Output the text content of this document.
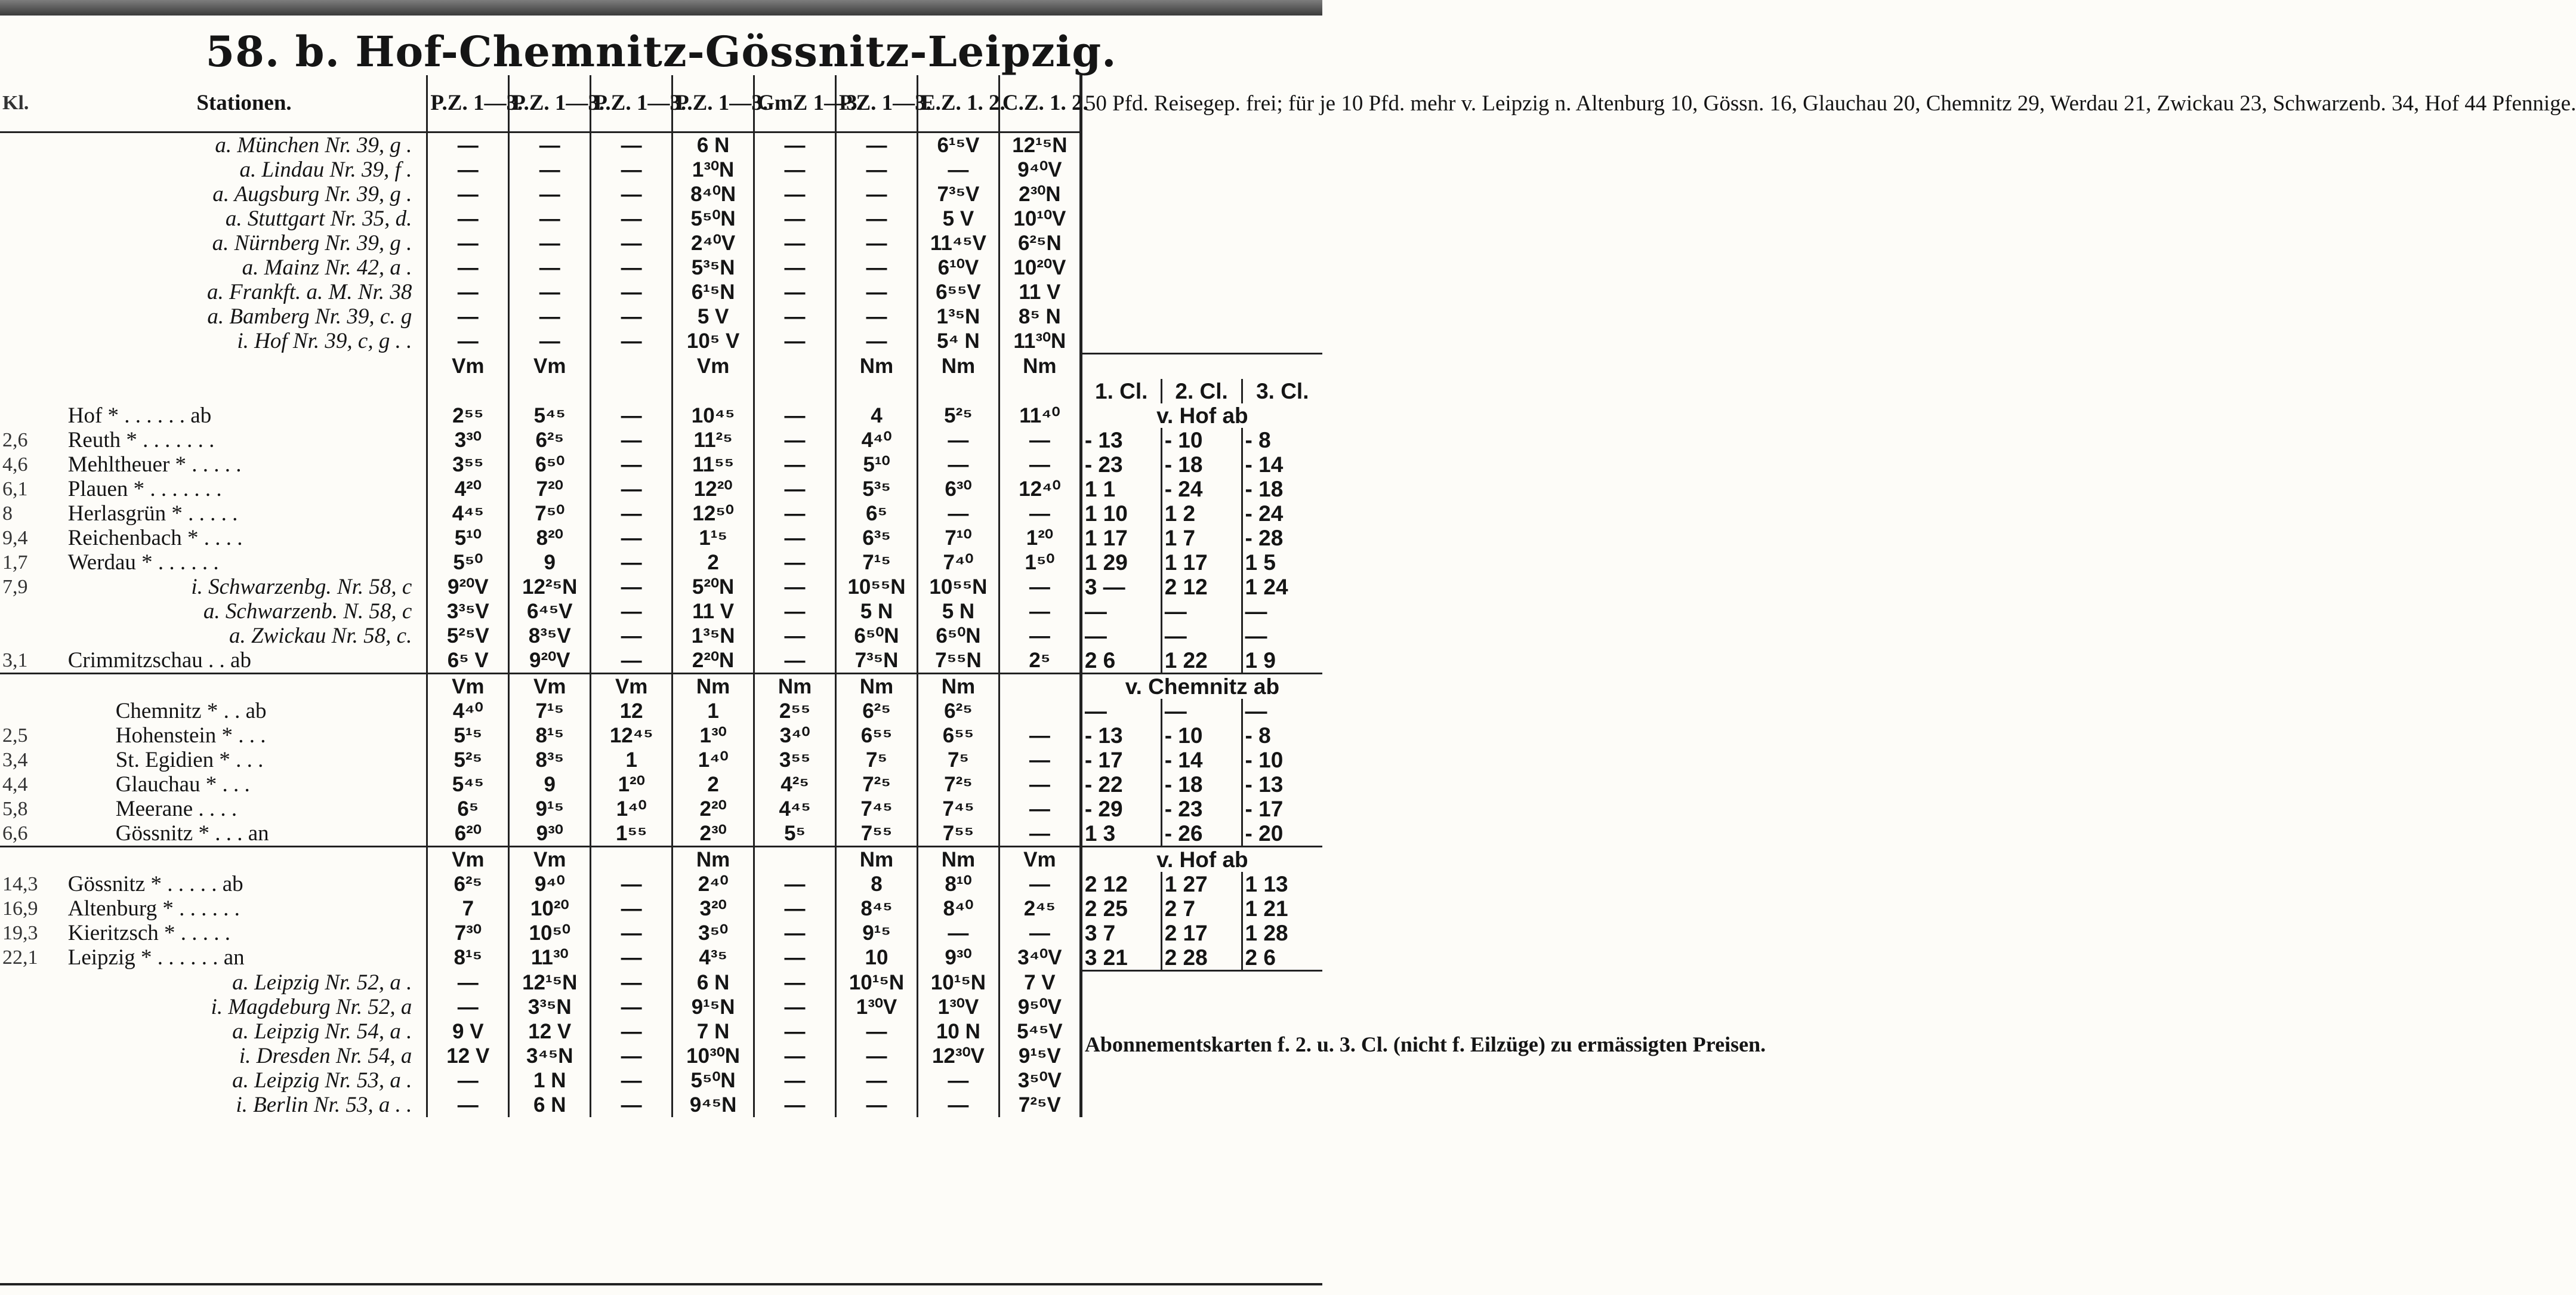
58. b. Hof-Chemnitz-Gössnitz-Leipzig.
Kl.	Stationen.	P.Z. 1—3.	P.Z. 1—3.	P.Z. 1—3.	P.Z. 1—3.	GmZ 1—3.	P.Z. 1—3.	E.Z. 1. 2.	C.Z. 1. 2.	50 Pfd. Reisegep. frei; für je 10 Pfd. mehr v. Leipzig n. Altenburg 10, Gössn. 16, Glauchau 20, Chemnitz 29, Werdau 21, Zwickau 23, Schwarzenb. 34, Hof 44 Pfennige.		
	a. München Nr. 39, g .	—	—	—	6 N	—	—	6¹⁵V	12¹⁵N			
	a. Lindau Nr. 39, f .	—	—	—	1³⁰N	—	—	—	9⁴⁰V			
	a. Augsburg Nr. 39, g .	—	—	—	8⁴⁰N	—	—	7³⁵V	2³⁰N			
	a. Stuttgart Nr. 35, d.	—	—	—	5⁵⁰N	—	—	5 V	10¹⁰V			
	a. Nürnberg Nr. 39, g .	—	—	—	2⁴⁰V	—	—	11⁴⁵V	6²⁵N			
	a. Mainz Nr. 42, a .	—	—	—	5³⁵N	—	—	6¹⁰V	10²⁰V			
	a. Frankft. a. M. Nr. 38	—	—	—	6¹⁵N	—	—	6⁵⁵V	11 V			
	a. Bamberg Nr. 39, c. g	—	—	—	5 V	—	—	1³⁵N	8⁵ N			
	i. Hof Nr. 39, c, g . .	—	—	—	10⁵ V	—	—	5⁴ N	11³⁰N			
		Vm	Vm		Vm		Nm	Nm	Nm			
										1. Cl.	2. Cl.	3. Cl.
	Hof * . . . . . . ab	2⁵⁵	5⁴⁵	—	10⁴⁵	—	4	5²⁵	11⁴⁰	v. Hof ab		
2,6	Reuth * . . . . . . .	3³⁰	6²⁵	—	11²⁵	—	4⁴⁰	—	—	- 13	- 10	- 8
4,6	Mehltheuer * . . . . .	3⁵⁵	6⁵⁰	—	11⁵⁵	—	5¹⁰	—	—	- 23	- 18	- 14
6,1	Plauen * . . . . . . .	4²⁰	7²⁰	—	12²⁰	—	5³⁵	6³⁰	12⁴⁰	1 1	- 24	- 18
8	Herlasgrün * . . . . .	4⁴⁵	7⁵⁰	—	12⁵⁰	—	6⁵	—	—	1 10	1 2	- 24
9,4	Reichenbach * . . . .	5¹⁰	8²⁰	—	1¹⁵	—	6³⁵	7¹⁰	1²⁰	1 17	1 7	- 28
1,7	Werdau * . . . . . .	5⁵⁰	9	—	2	—	7¹⁵	7⁴⁰	1⁵⁰	1 29	1 17	1 5
7,9	i. Schwarzenbg. Nr. 58, c	9²⁰V	12²⁵N	—	5²⁰N	—	10⁵⁵N	10⁵⁵N	—	3 —	2 12	1 24
	a. Schwarzenb. N. 58, c	3³⁵V	6⁴⁵V	—	11 V	—	5 N	5 N	—	—	—	—
	a. Zwickau Nr. 58, c.	5²⁵V	8³⁵V	—	1³⁵N	—	6⁵⁰N	6⁵⁰N	—	—	—	—
3,1	Crimmitzschau . . ab	6⁵ V	9²⁰V	—	2²⁰N	—	7³⁵N	7⁵⁵N	2⁵	2 6	1 22	1 9
		Vm	Vm	Vm	Nm	Nm	Nm	Nm		v. Chemnitz ab		
	Chemnitz * . . ab	4⁴⁰	7¹⁵	12	1	2⁵⁵	6²⁵	6²⁵		—	—	—
2,5	Hohenstein * . . .	5¹⁵	8¹⁵	12⁴⁵	1³⁰	3⁴⁰	6⁵⁵	6⁵⁵	—	- 13	- 10	- 8
3,4	St. Egidien * . . .	5²⁵	8³⁵	1	1⁴⁰	3⁵⁵	7⁵	7⁵	—	- 17	- 14	- 10
4,4	Glauchau * . . .	5⁴⁵	9	1²⁰	2	4²⁵	7²⁵	7²⁵	—	- 22	- 18	- 13
5,8	Meerane . . . .	6⁵	9¹⁵	1⁴⁰	2²⁰	4⁴⁵	7⁴⁵	7⁴⁵	—	- 29	- 23	- 17
6,6	Gössnitz * . . . an	6²⁰	9³⁰	1⁵⁵	2³⁰	5⁵	7⁵⁵	7⁵⁵	—	1 3	- 26	- 20
		Vm	Vm		Nm		Nm	Nm	Vm	v. Hof ab		
14,3	Gössnitz * . . . . . ab	6²⁵	9⁴⁰	—	2⁴⁰	—	8	8¹⁰	—	2 12	1 27	1 13
16,9	Altenburg * . . . . . .	7	10²⁰	—	3²⁰	—	8⁴⁵	8⁴⁰	2⁴⁵	2 25	2 7	1 21
19,3	Kieritzsch * . . . . .	7³⁰	10⁵⁰	—	3⁵⁰	—	9¹⁵	—	—	3 7	2 17	1 28
22,1	Leipzig * . . . . . . an	8¹⁵	11³⁰	—	4³⁵	—	10	9³⁰	3⁴⁰V	3 21	2 28	2 6
	a. Leipzig Nr. 52, a .	—	12¹⁵N	—	6 N	—	10¹⁵N	10¹⁵N	7 V	Abonnementskarten f. 2. u. 3. Cl. (nicht f. Eilzüge) zu ermässigten Preisen.		
	i. Magdeburg Nr. 52, a	—	3³⁵N	—	9¹⁵N	—	1³⁰V	1³⁰V	9⁵⁰V			
	a. Leipzig Nr. 54, a .	9 V	12 V	—	7 N	—	—	10 N	5⁴⁵V			
	i. Dresden Nr. 54, a	12 V	3⁴⁵N	—	10³⁰N	—	—	12³⁰V	9¹⁵V			
	a. Leipzig Nr. 53, a .	—	1 N	—	5⁵⁰N	—	—	—	3⁵⁰V			
	i. Berlin Nr. 53, a . .	—	6 N	—	9⁴⁵N	—	—	—	7²⁵V			
